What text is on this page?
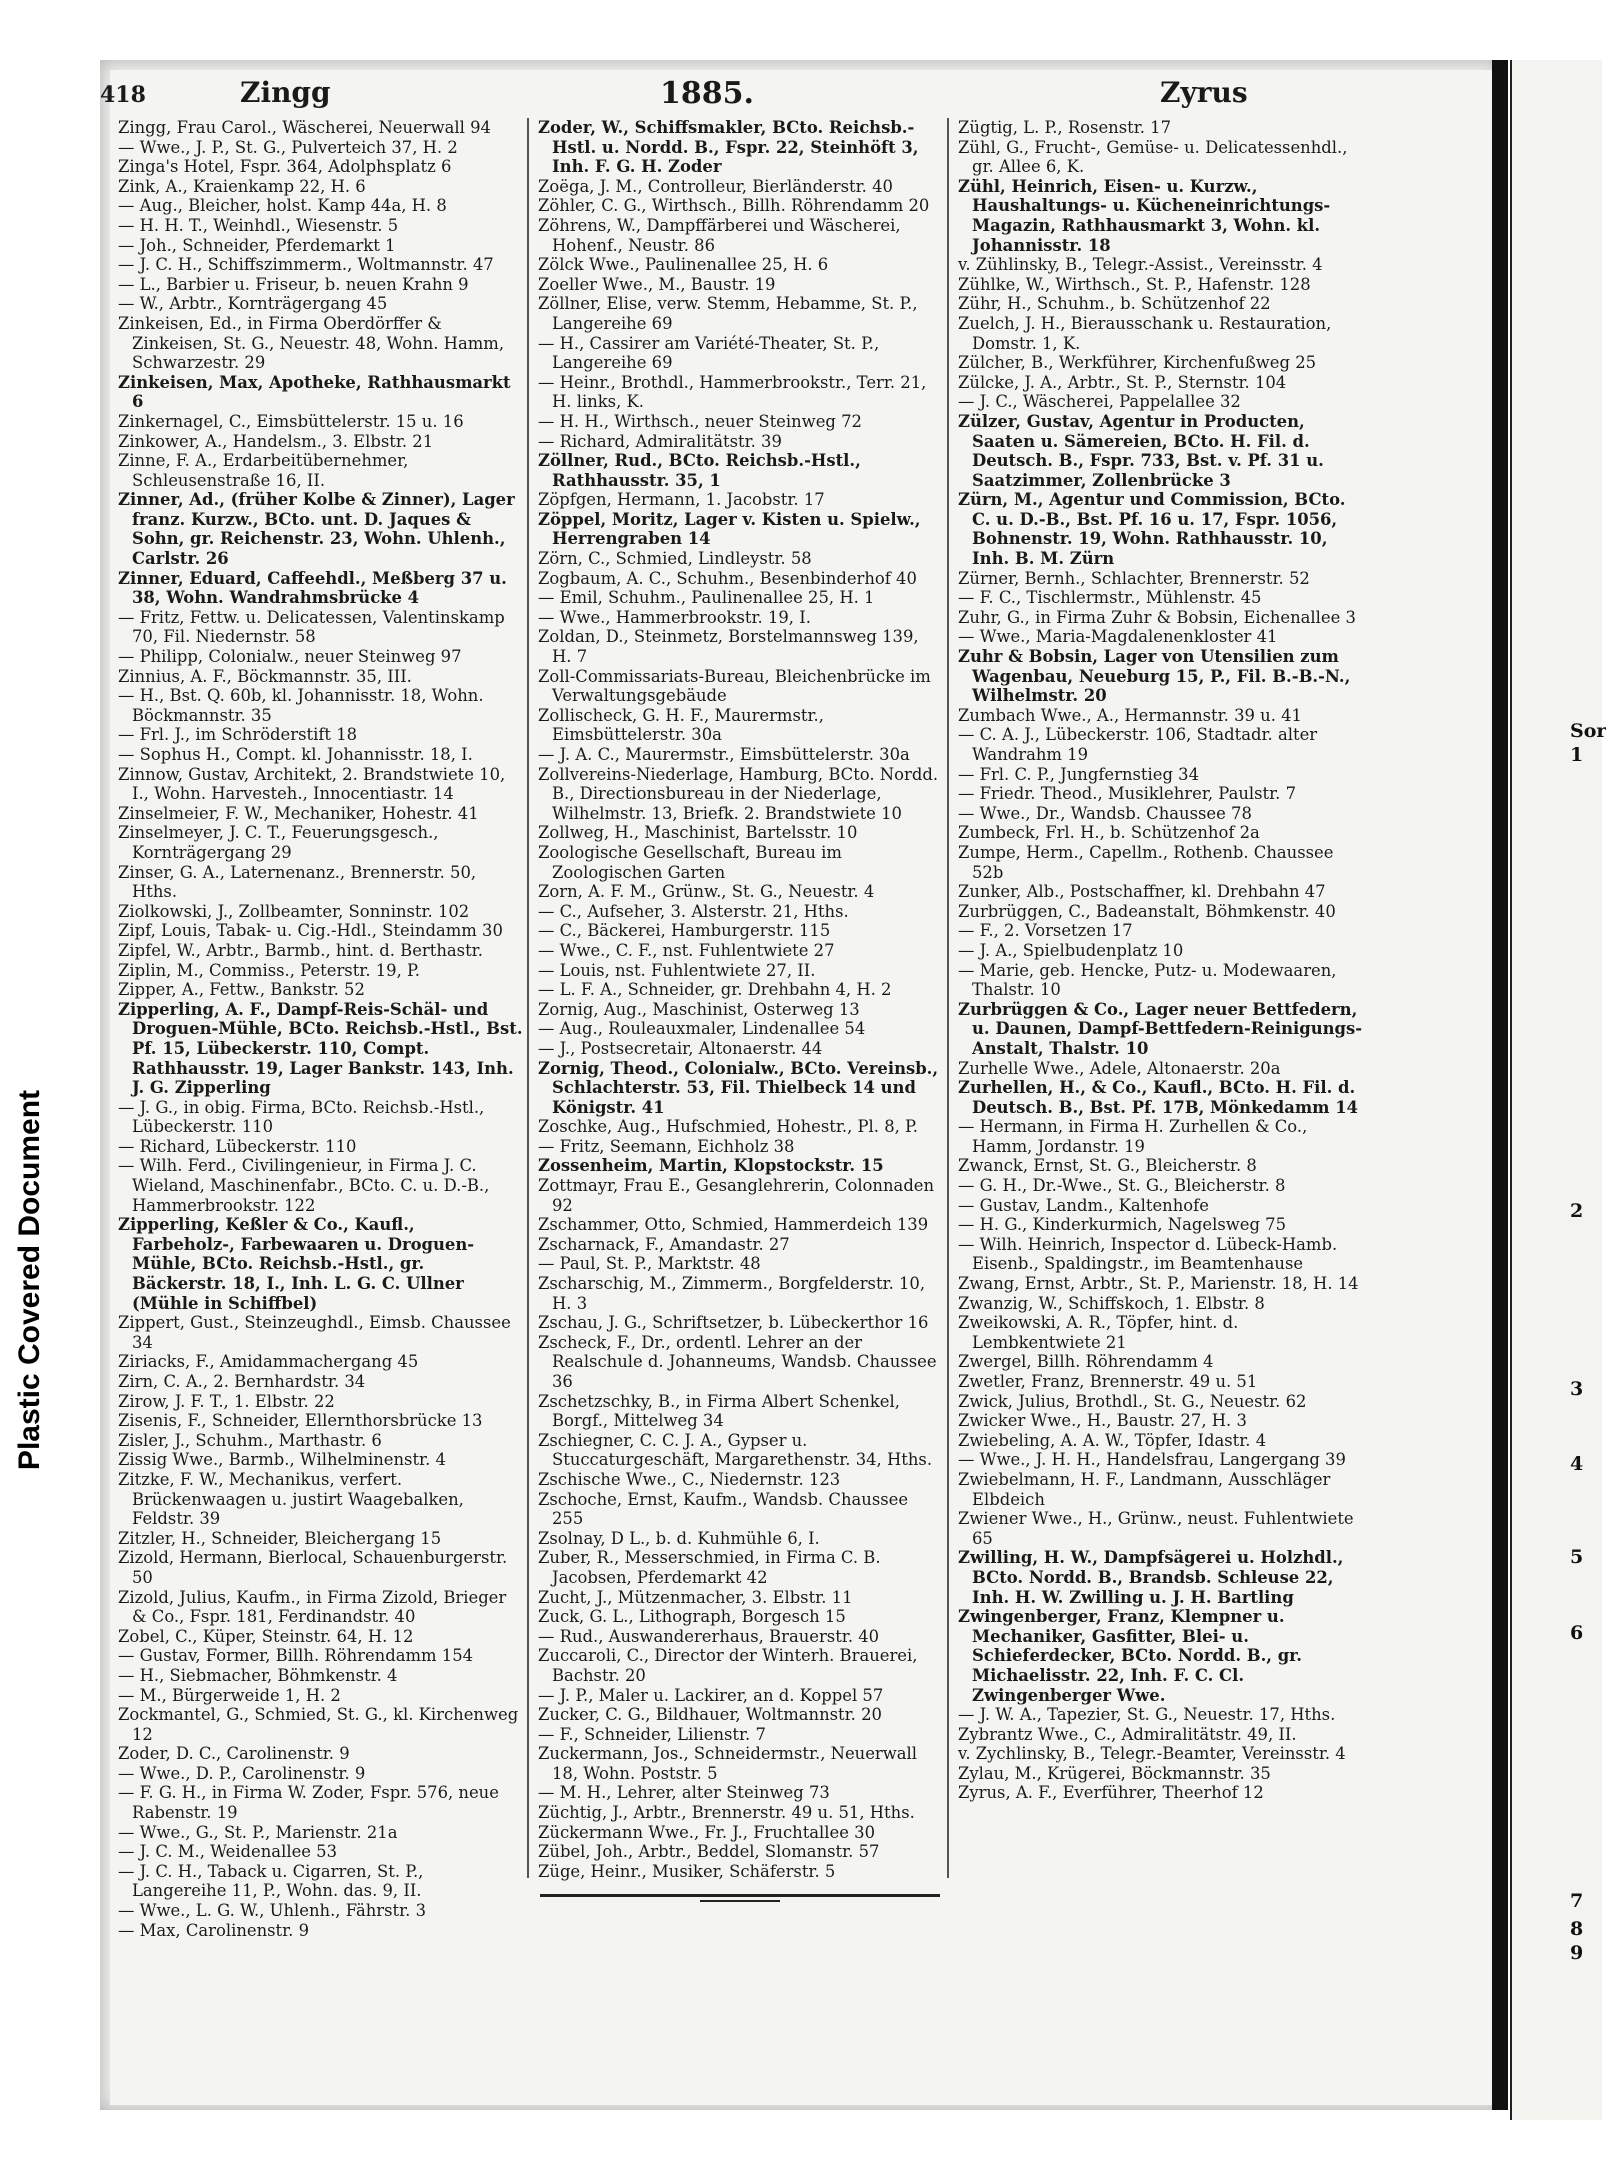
Plastic Covered Document
Sor
1
2
3
4
5
6
7
8
9
418	Zingg	1885.	Zyrus

Zingg, Frau Carol., Wäscherei, Neuerwall 94

— Wwe., J. P., St. G., Pulverteich 37, H. 2

Zinga's Hotel, Fspr. 364, Adolphsplatz 6

Zink, A., Kraienkamp 22, H. 6

— Aug., Bleicher, holst. Kamp 44a, H. 8

— H. H. T., Weinhdl., Wiesenstr. 5

— Joh., Schneider, Pferdemarkt 1

— J. C. H., Schiffszimmerm., Woltmannstr. 47

— L., Barbier u. Friseur, b. neuen Krahn 9

— W., Arbtr., Kornträgergang 45

Zinkeisen, Ed., in Firma Oberdörffer & Zinkeisen, St. G., Neuestr. 48, Wohn. Hamm, Schwarzestr. 29

Zinkeisen, Max, Apotheke, Rathhausmarkt 6

Zinkernagel, C., Eimsbüttelerstr. 15 u. 16

Zinkower, A., Handelsm., 3. Elbstr. 21

Zinne, F. A., Erdarbeitübernehmer, Schleusenstraße 16, II.

Zinner, Ad., (früher Kolbe & Zinner), Lager franz. Kurzw., BCto. unt. D. Jaques & Sohn, gr. Reichenstr. 23, Wohn. Uhlenh., Carlstr. 26

Zinner, Eduard, Caffeehdl., Meßberg 37 u. 38, Wohn. Wandrahmsbrücke 4

— Fritz, Fettw. u. Delicatessen, Valentinskamp 70, Fil. Niedernstr. 58

— Philipp, Colonialw., neuer Steinweg 97

Zinnius, A. F., Böckmannstr. 35, III.

— H., Bst. Q. 60b, kl. Johannisstr. 18, Wohn. Böckmannstr. 35

— Frl. J., im Schröderstift 18

— Sophus H., Compt. kl. Johannisstr. 18, I.

Zinnow, Gustav, Architekt, 2. Brandstwiete 10, I., Wohn. Harvestеh., Innocentiastr. 14

Zinselmeier, F. W., Mechaniker, Hohestr. 41

Zinselmeyer, J. C. T., Feuerungsgesch., Kornträgergang 29

Zinser, G. A., Laternenanz., Brennerstr. 50, Hths.

Ziolkowski, J., Zollbeamter, Sonninstr. 102

Zipf, Louis, Tabak- u. Cig.-Hdl., Steindamm 30

Zipfel, W., Arbtr., Barmb., hint. d. Berthastr.

Ziplin, M., Commiss., Peterstr. 19, P.

Zipper, A., Fettw., Bankstr. 52

Zipperling, A. F., Dampf-Reis-Schäl- und Droguen-Mühle, BCto. Reichsb.-Hstl., Bst. Pf. 15, Lübeckerstr. 110, Compt. Rathhausstr. 19, Lager Bankstr. 143, Inh. J. G. Zipperling

— J. G., in obig. Firma, BCto. Reichsb.-Hstl., Lübeckerstr. 110

— Richard, Lübeckerstr. 110

— Wilh. Ferd., Civilingenieur, in Firma J. C. Wieland, Maschinenfabr., BCto. C. u. D.-B., Hammerbrookstr. 122

Zipperling, Keßler & Co., Kaufl., Farbeholz-, Farbewaaren u. Droguen-Mühle, BCto. Reichsb.-Hstl., gr. Bäckerstr. 18, I., Inh. L. G. C. Ullner (Mühle in Schiffbel)

Zippert, Gust., Steinzeughdl., Eimsb. Chaussee 34

Ziriacks, F., Amidammachergang 45

Zirn, C. A., 2. Bernhardstr. 34

Zirow, J. F. T., 1. Elbstr. 22

Zisenis, F., Schneider, Ellernthorsbrücke 13

Zisler, J., Schuhm., Marthastr. 6

Zissig Wwe., Barmb., Wilhelminenstr. 4

Zitzke, F. W., Mechanikus, verfert. Brückenwaagen u. justirt Waagebalken, Feldstr. 39

Zitzler, H., Schneider, Bleichergang 15

Zizold, Hermann, Bierlocal, Schauenburgerstr. 50

Zizold, Julius, Kaufm., in Firma Zizold, Brieger & Co., Fspr. 181, Ferdinandstr. 40

Zobel, C., Küper, Steinstr. 64, H. 12

— Gustav, Former, Billh. Röhrendamm 154

— H., Siebmacher, Böhmkenstr. 4

— M., Bürgerweide 1, H. 2

Zockmantel, G., Schmied, St. G., kl. Kirchenweg 12

Zoder, D. C., Carolinenstr. 9

— Wwe., D. P., Carolinenstr. 9

— F. G. H., in Firma W. Zoder, Fspr. 576, neue Rabenstr. 19

— Wwe., G., St. P., Marienstr. 21a

— J. C. M., Weidenallee 53

— J. C. H., Taback u. Cigarren, St. P., Langereihe 11, P., Wohn. das. 9, II.

— Wwe., L. G. W., Uhlenh., Fährstr. 3

— Max, Carolinenstr. 9

Zoder, W., Schiffsmakler, BCto. Reichsb.-Hstl. u. Nordd. B., Fspr. 22, Steinhöft 3, Inh. F. G. H. Zoder

Zoëga, J. M., Controlleur, Bierländerstr. 40

Zöhler, C. G., Wirthsch., Billh. Röhrendamm 20

Zöhrens, W., Dampffärberei und Wäscherei, Hohenf., Neustr. 86

Zölck Wwe., Paulinenallee 25, H. 6

Zoeller Wwe., M., Baustr. 19

Zöllner, Elise, verw. Stemm, Hebamme, St. P., Langereihe 69

— H., Cassirer am Variété-Theater, St. P., Langereihe 69

— Heinr., Brothdl., Hammerbrookstr., Terr. 21, H. links, K.

— H. H., Wirthsch., neuer Steinweg 72

— Richard, Admiralitätstr. 39

Zöllner, Rud., BCto. Reichsb.-Hstl., Rathhausstr. 35, 1

Zöpfgen, Hermann, 1. Jacobstr. 17

Zöppel, Moritz, Lager v. Kisten u. Spielw., Herrengraben 14

Zörn, C., Schmied, Lindleystr. 58

Zogbaum, A. C., Schuhm., Besenbinderhof 40

— Emil, Schuhm., Paulinenallee 25, H. 1

— Wwe., Hammerbrookstr. 19, I.

Zoldan, D., Steinmetz, Borstelmannsweg 139, H. 7

Zoll-Commissariats-Bureau, Bleichenbrücke im Verwaltungsgebäude

Zollischeck, G. H. F., Maurermstr., Eimsbüttelerstr. 30a

— J. A. C., Maurermstr., Eimsbüttelerstr. 30a

Zollvereins-Niederlage, Hamburg, BCto. Nordd. B., Directionsbureau in der Niederlage, Wilhelmstr. 13, Briefk. 2. Brandstwiete 10

Zollweg, H., Maschinist, Bartelsstr. 10

Zoologische Gesellschaft, Bureau im Zoologischen Garten

Zorn, A. F. M., Grünw., St. G., Neuestr. 4

— C., Aufseher, 3. Alsterstr. 21, Hths.

— C., Bäckerei, Hamburgerstr. 115

— Wwe., C. F., nst. Fuhlentwiete 27

— Louis, nst. Fuhlentwiete 27, II.

— L. F. A., Schneider, gr. Drehbahn 4, H. 2

Zornig, Aug., Maschinist, Osterweg 13

— Aug., Rouleauxmaler, Lindenallee 54

— J., Postsecretair, Altonaerstr. 44

Zornig, Theod., Colonialw., BCto. Vereinsb., Schlachterstr. 53, Fil. Thielbeck 14 und Königstr. 41

Zoschke, Aug., Hufschmied, Hohestr., Pl. 8, P.

— Fritz, Seemann, Eichholz 38

Zossenheim, Martin, Klopstockstr. 15

Zottmayr, Frau E., Gesanglehrerin, Colonnaden 92

Zschammer, Otto, Schmied, Hammerdeich 139

Zscharnack, F., Amandastr. 27

— Paul, St. P., Marktstr. 48

Zscharschig, M., Zimmerm., Borgfelderstr. 10, H. 3

Zschau, J. G., Schriftsetzer, b. Lübeckerthor 16

Zscheck, F., Dr., ordentl. Lehrer an der Realschule d. Johanneums, Wandsb. Chaussee 36

Zschetzschky, B., in Firma Albert Schenkel, Borgf., Mittelweg 34

Zschiegner, C. C. J. A., Gypser u. Stuccaturgeschäft, Margarethenstr. 34, Hths.

Zschische Wwe., C., Niedernstr. 123

Zschoche, Ernst, Kaufm., Wandsb. Chaussee 255

Zsolnay, D L., b. d. Kuhmühle 6, I.

Zuber, R., Messerschmied, in Firma C. B. Jacobsen, Pferdemarkt 42

Zucht, J., Mützenmacher, 3. Elbstr. 11

Zuck, G. L., Lithograph, Borgesch 15

— Rud., Auswandererhaus, Brauerstr. 40

Zuccaroli, C., Director der Winterh. Brauerei, Bachstr. 20

— J. P., Maler u. Lackirer, an d. Koppel 57

Zucker, C. G., Bildhauer, Woltmannstr. 20

— F., Schneider, Lilienstr. 7

Zuckermann, Jos., Schneidermstr., Neuerwall 18, Wohn. Poststr. 5

— M. H., Lehrer, alter Steinweg 73

Züchtig, J., Arbtr., Brennerstr. 49 u. 51, Hths.

Zückermann Wwe., Fr. J., Fruchtallee 30

Zübel, Joh., Arbtr., Beddel, Slomanstr. 57

Züge, Heinr., Musiker, Schäferstr. 5

Zügtig, L. P., Rosenstr. 17

Zühl, G., Frucht-, Gemüse- u. Delicatessenhdl., gr. Allee 6, K.

Zühl, Heinrich, Eisen- u. Kurzw., Haushaltungs- u. Kücheneinrichtungs-Magazin, Rathhausmarkt 3, Wohn. kl. Johannisstr. 18

v. Zühlinsky, B., Telegr.-Assist., Vereinsstr. 4

Zühlke, W., Wirthsch., St. P., Hafenstr. 128

Zühr, H., Schuhm., b. Schützenhof 22

Zuelch, J. H., Bierausschank u. Restauration, Domstr. 1, K.

Zülcher, B., Werkführer, Kirchenfußweg 25

Zülcke, J. A., Arbtr., St. P., Sternstr. 104

— J. C., Wäscherei, Pappelallee 32

Zülzer, Gustav, Agentur in Producten, Saaten u. Sämereien, BCto. H. Fil. d. Deutsch. B., Fspr. 733, Bst. v. Pf. 31 u. Saatzimmer, Zollenbrücke 3

Zürn, M., Agentur und Commission, BCto. C. u. D.-B., Bst. Pf. 16 u. 17, Fspr. 1056, Bohnenstr. 19, Wohn. Rathhausstr. 10, Inh. B. M. Zürn

Zürner, Bernh., Schlachter, Brennerstr. 52

— F. C., Tischlermstr., Mühlenstr. 45

Zuhr, G., in Firma Zuhr & Bobsin, Eichenallee 3

— Wwe., Maria-Magdalenenkloster 41

Zuhr & Bobsin, Lager von Utensilien zum Wagenbau, Neueburg 15, P., Fil. B.-B.-N., Wilhelmstr. 20

Zumbach Wwe., A., Hermannstr. 39 u. 41

— C. A. J., Lübeckerstr. 106, Stadtadr. alter Wandrahm 19

— Frl. C. P., Jungfernstieg 34

— Friedr. Theod., Musiklehrer, Paulstr. 7

— Wwe., Dr., Wandsb. Chaussee 78

Zumbeck, Frl. H., b. Schützenhof 2a

Zumpe, Herm., Capellm., Rothenb. Chaussee 52b

Zunker, Alb., Postschaffner, kl. Drehbahn 47

Zurbrüggen, C., Badeanstalt, Böhmkenstr. 40

— F., 2. Vorsetzen 17

— J. A., Spielbudenplatz 10

— Marie, geb. Hencke, Putz- u. Modewaaren, Thalstr. 10

Zurbrüggen & Co., Lager neuer Bettfedern, u. Daunen, Dampf-Bettfedern-Reinigungs-Anstalt, Thalstr. 10

Zurhelle Wwe., Adele, Altonaerstr. 20a

Zurhellen, H., & Co., Kaufl., BCto. H. Fil. d. Deutsch. B., Bst. Pf. 17B, Mönkedamm 14

— Hermann, in Firma H. Zurhellen & Co., Hamm, Jordanstr. 19

Zwanck, Ernst, St. G., Bleicherstr. 8

— G. H., Dr.-Wwe., St. G., Bleicherstr. 8

— Gustav, Landm., Kaltenhofe

— H. G., Kinderkurmich, Nagelsweg 75

— Wilh. Heinrich, Inspector d. Lübeck-Hamb. Eisenb., Spaldingstr., im Beamtenhause

Zwang, Ernst, Arbtr., St. P., Marienstr. 18, H. 14

Zwanzig, W., Schiffskoch, 1. Elbstr. 8

Zweikowski, A. R., Töpfer, hint. d. Lembkentwiete 21

Zwergel, Billh. Röhrendamm 4

Zwetler, Franz, Brennerstr. 49 u. 51

Zwick, Julius, Brothdl., St. G., Neuestr. 62

Zwicker Wwe., H., Baustr. 27, H. 3

Zwiebeling, A. A. W., Töpfer, Idastr. 4

— Wwe., J. H. H., Handelsfrau, Langergang 39

Zwiebelmann, H. F., Landmann, Ausschläger Elbdeich

Zwiener Wwe., H., Grünw., neust. Fuhlentwiete 65

Zwilling, H. W., Dampfsägerei u. Holzhdl., BCto. Nordd. B., Brandsb. Schleuse 22, Inh. H. W. Zwilling u. J. H. Bartling

Zwingenberger, Franz, Klempner u. Mechaniker, Gasfitter, Blei- u. Schieferdecker, BCto. Nordd. B., gr. Michaelisstr. 22, Inh. F. C. Cl. Zwingenberger Wwe.

— J. W. A., Tapezier, St. G., Neuestr. 17, Hths.

Zybrantz Wwe., C., Admiralitätstr. 49, II.

v. Zychlinsky, B., Telegr.-Beamter, Vereinsstr. 4

Zylau, M., Krügerei, Böckmannstr. 35

Zyrus, A. F., Everführer, Theerhof 12
